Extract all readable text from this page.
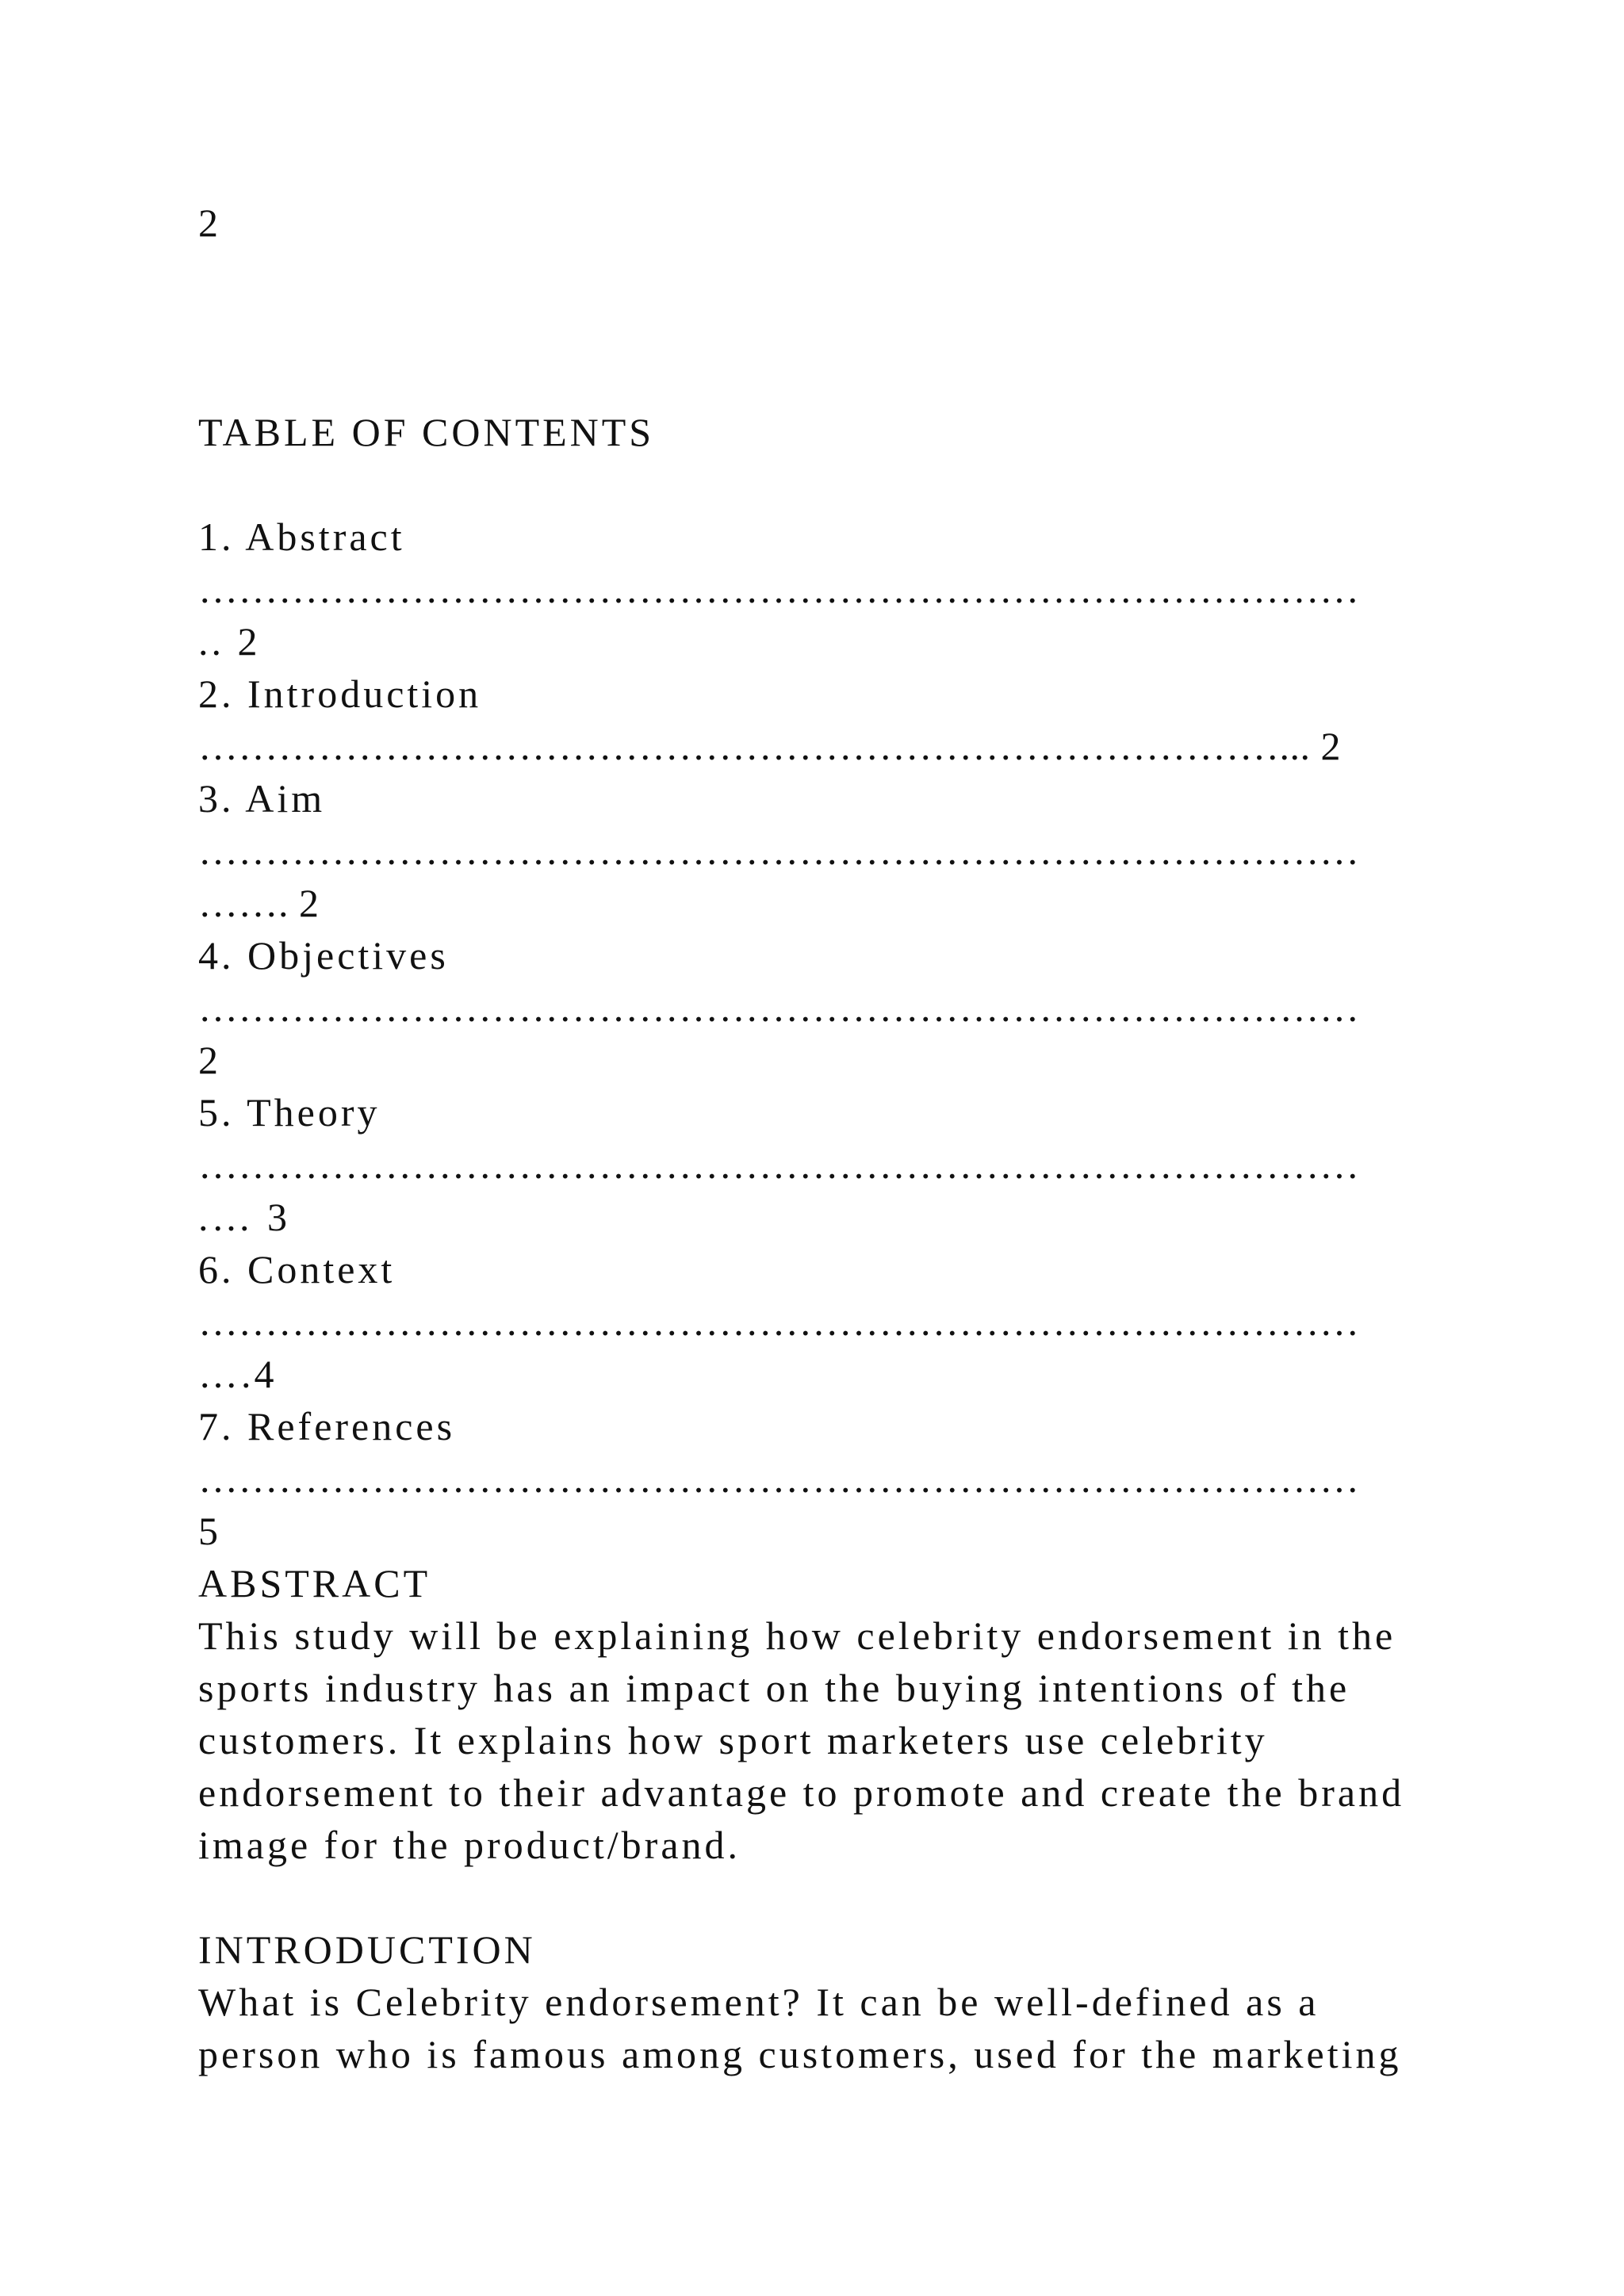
2

TABLE OF CONTENTS

1. Abstract

……………………………………………………………………………

.. 2

2. Introduction

………………………………………………………………………... 2

3. Aim

……………………………………………………………………………

……. 2

4. Objectives

……………………………………………………………………………

2

5. Theory

……………………………………………………………………………

.… 3

6. Context

……………………………………………………………………………

….4

7. References

……………………………………………………………………………

5

ABSTRACT

This study will be explaining how celebrity endorsement in the

sports industry has an impact on the buying intentions of the

customers. It explains how sport marketers use celebrity

endorsement to their advantage to promote and create the brand

image for the product/brand.

INTRODUCTION

What is Celebrity endorsement? It can be well-defined as a

person who is famous among customers, used for the marketing
